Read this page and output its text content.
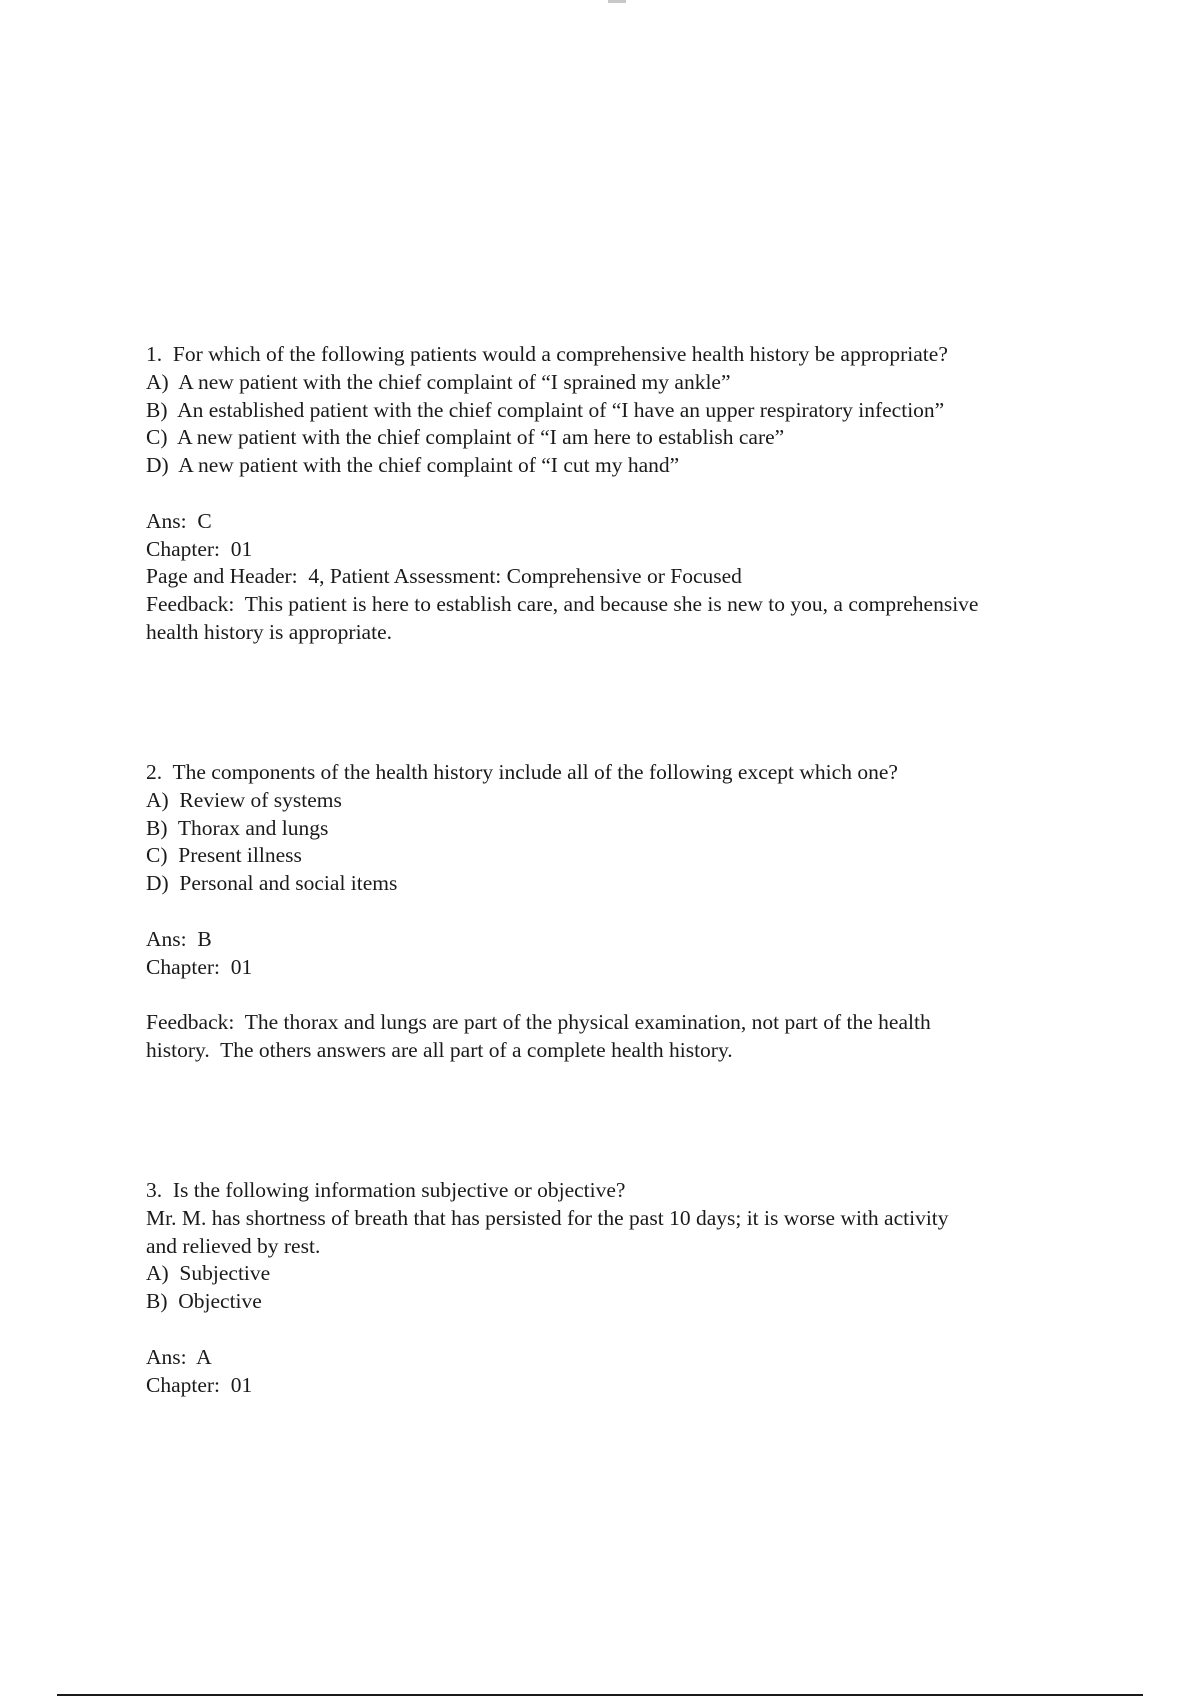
1.  For which of the following patients would a comprehensive health history be appropriate?
A)  A new patient with the chief complaint of “I sprained my ankle”
B)  An established patient with the chief complaint of “I have an upper respiratory infection”
C)  A new patient with the chief complaint of “I am here to establish care”
D)  A new patient with the chief complaint of “I cut my hand”
Ans:  C
Chapter:  01
Page and Header:  4, Patient Assessment: Comprehensive or Focused
Feedback:  This patient is here to establish care, and because she is new to you, a comprehensive
health history is appropriate.
2.  The components of the health history include all of the following except which one?
A)  Review of systems
B)  Thorax and lungs
C)  Present illness
D)  Personal and social items
Ans:  B
Chapter:  01
Feedback:  The thorax and lungs are part of the physical examination, not part of the health
history.  The others answers are all part of a complete health history.
3.  Is the following information subjective or objective?
Mr. M. has shortness of breath that has persisted for the past 10 days; it is worse with activity
and relieved by rest.
A)  Subjective
B)  Objective
Ans:  A
Chapter:  01
